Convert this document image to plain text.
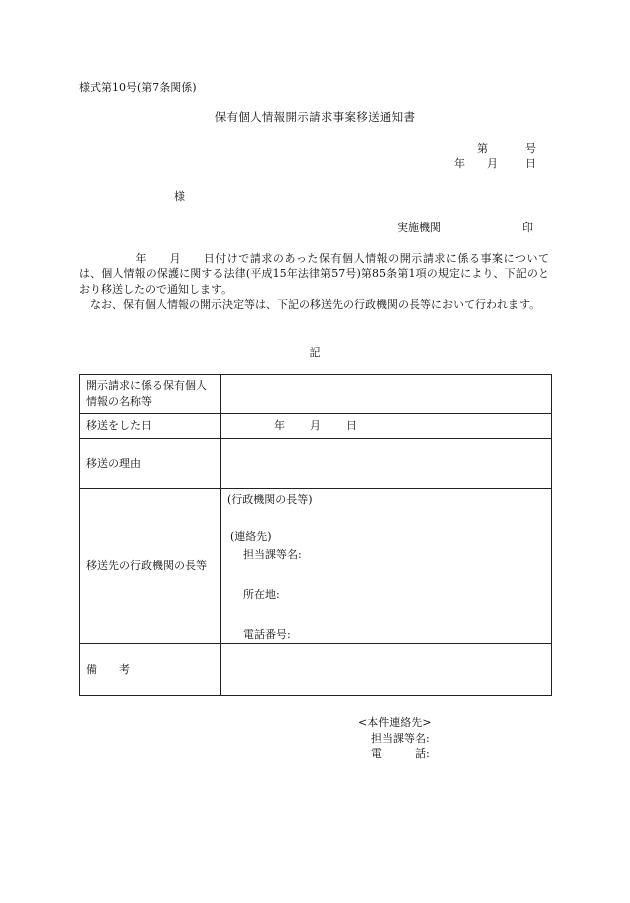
様式第10号(第7条関係)
保有個人情報開示請求事案移送通知書
第	号
年 月 日
様
実施機関	印
年 月 日付けで請求のあった保有個人情報の開示請求に係る事案については、個人情報の保護に関する法律(平成15年法律第57号)第85条第1項の規定により、下記のとおり移送したので通知します。
なお、保有個人情報の開示決定等は、下記の移送先の行政機関の長等において行われます。
記
開示請求に係る保有個人情報の名称等	
移送をした日	年 月 日
移送の理由	
移送先の行政機関の長等	(行政機関の長等)
(連絡先)
担当課等名:
所在地:
電話番号:

備　　考	
<本件連絡先>
担当課等名:
電　　　話:
